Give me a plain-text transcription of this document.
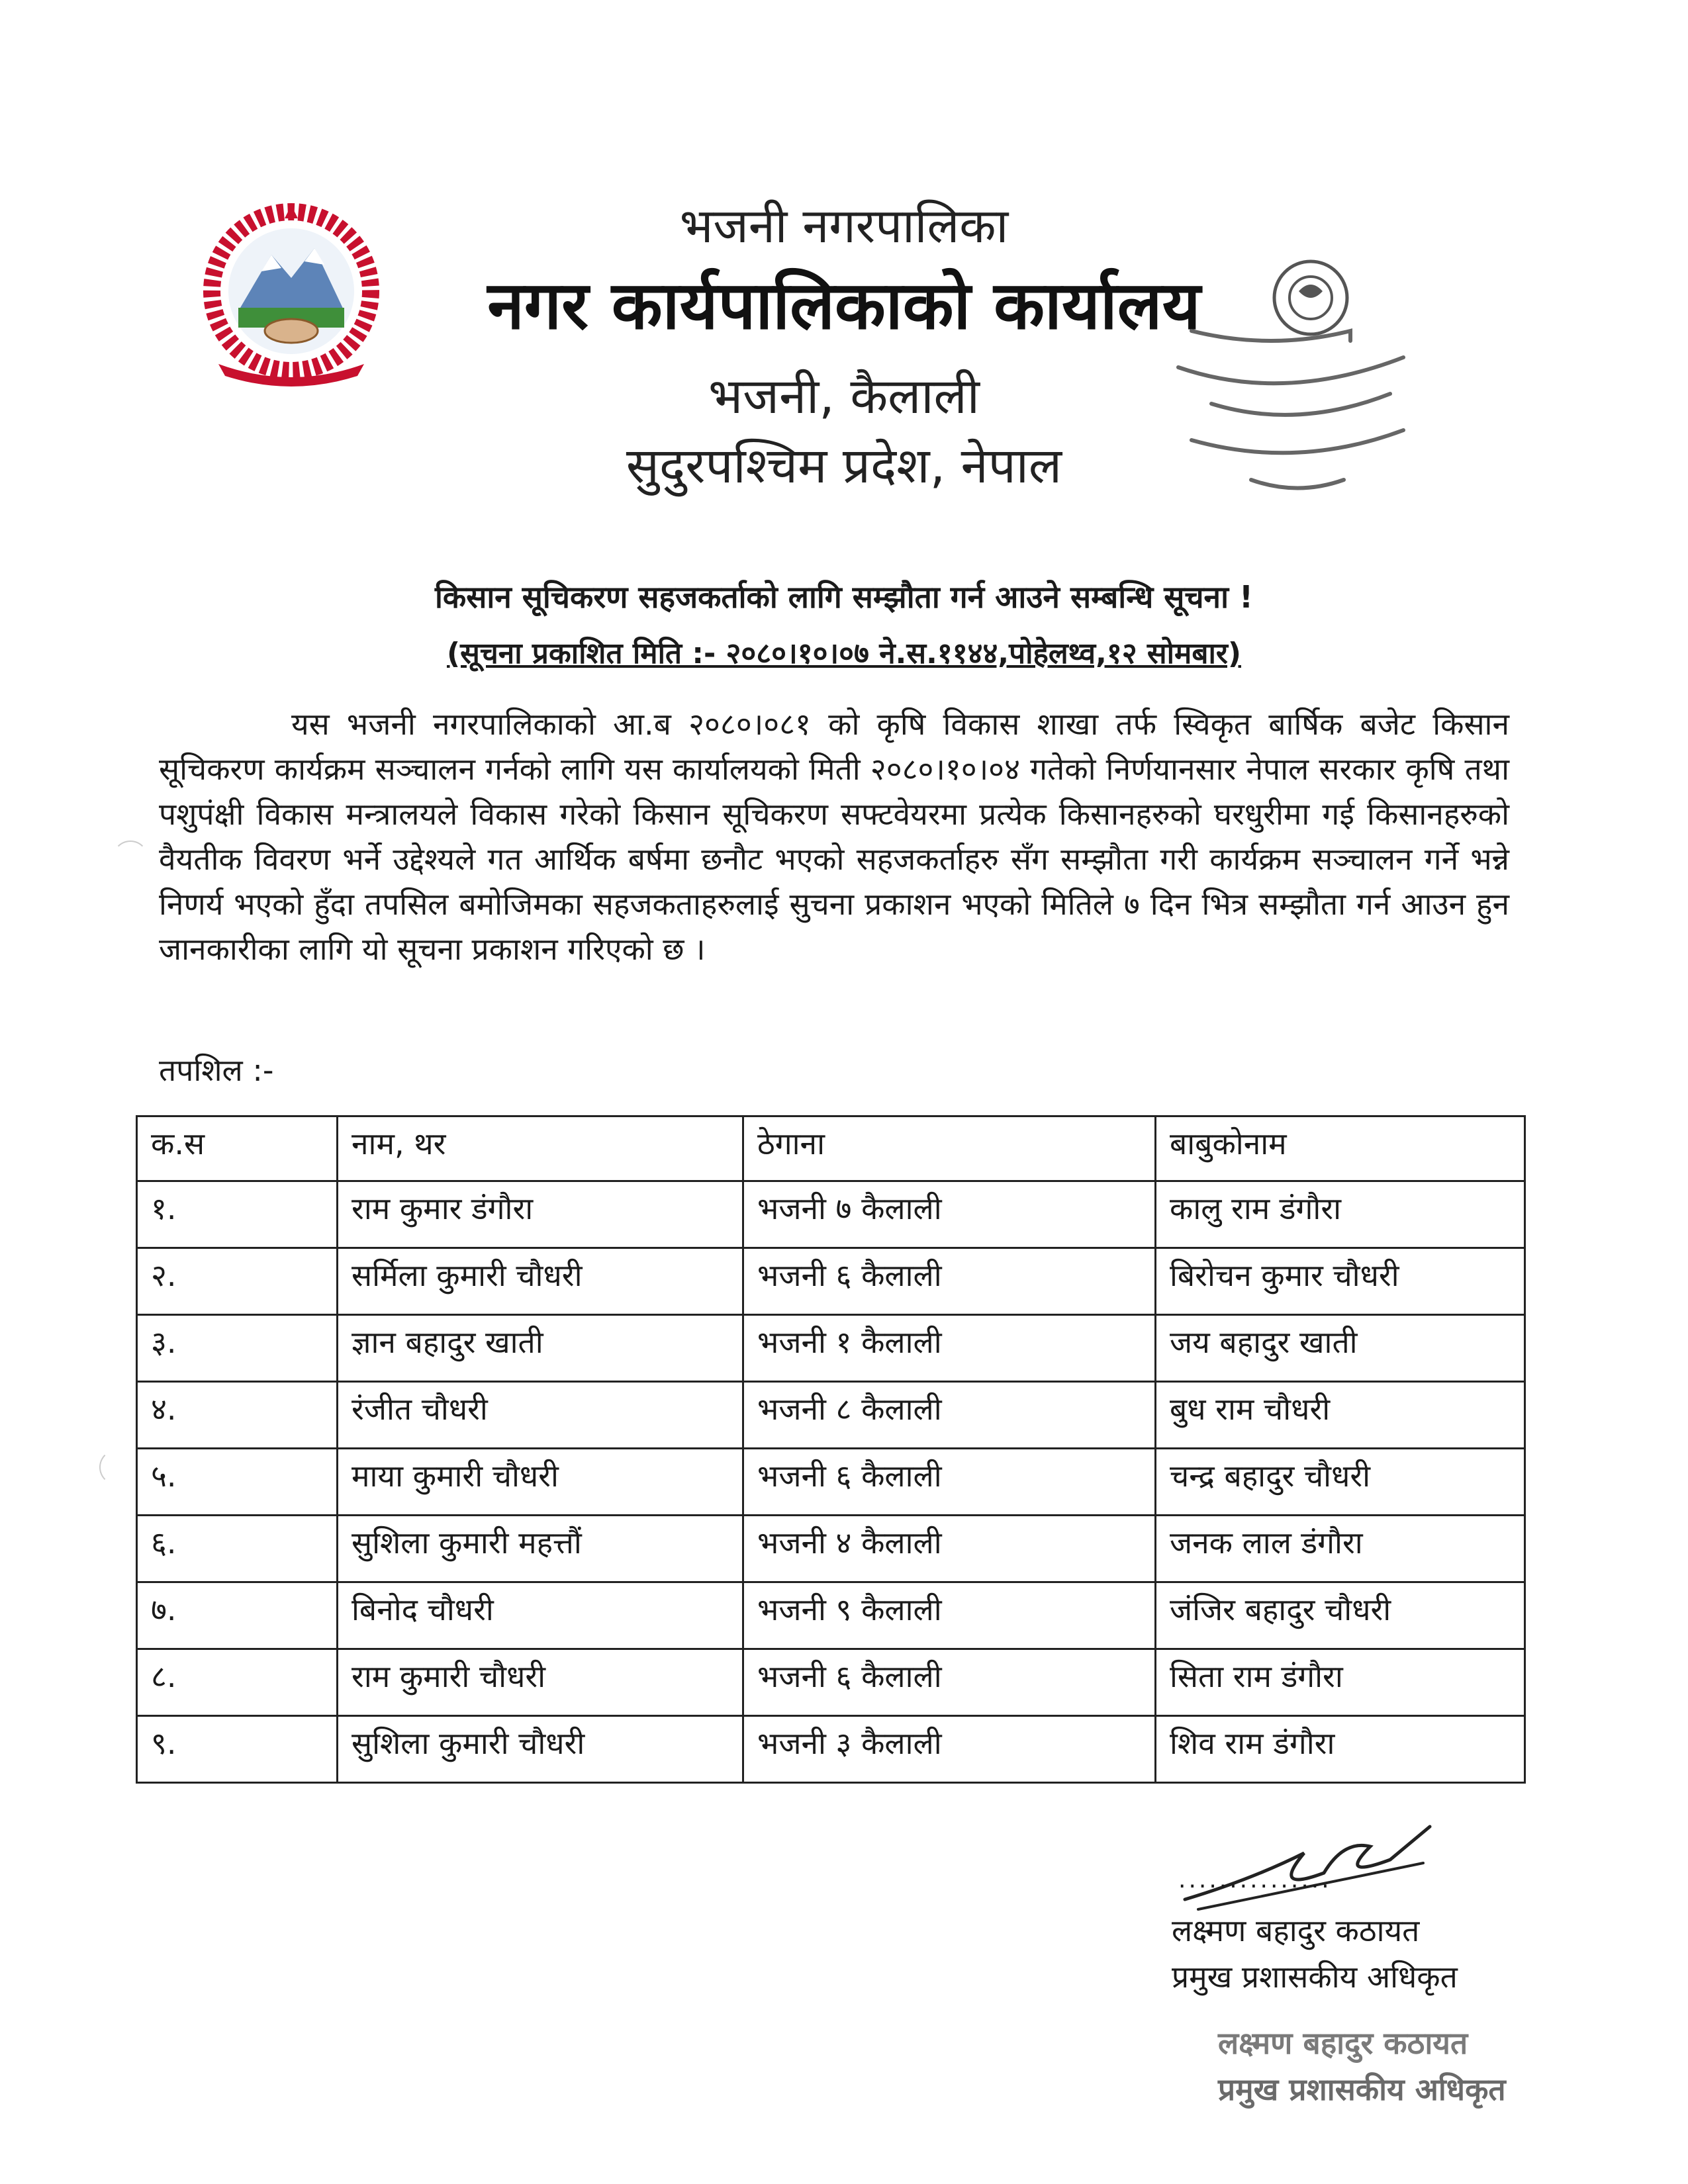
भजनी नगरपालिका
नगर कार्यपालिकाको कार्यालय
भजनी, कैलाली
सुदुरपश्चिम प्रदेश, नेपाल
किसान सूचिकरण सहजकर्ताको लागि सम्झौता गर्न आउने सम्बन्धि सूचना !
(सूचना प्रकाशित मिति :- २०८०।१०।०७ ने.स.११४४,पोहेलथ्व,१२ सोमबार)
यस भजनी नगरपालिकाको आ.ब २०८०।०८१ को कृषि विकास शाखा तर्फ स्विकृत बार्षिक बजेट किसान सूचिकरण कार्यक्रम सञ्चालन गर्नको लागि यस कार्यालयको मिती २०८०।१०।०४ गतेको निर्णयानसार नेपाल सरकार कृषि तथा पशुपंक्षी विकास मन्त्रालयले विकास गरेको किसान सूचिकरण सफ्टवेयरमा प्रत्येक किसानहरुको घरधुरीमा गई किसानहरुको वैयतीक विवरण भर्ने उद्देश्यले गत आर्थिक बर्षमा छनौट भएको सहजकर्ताहरु सँग सम्झौता गरी कार्यक्रम सञ्चालन गर्ने भन्ने निणर्य भएको हुँदा तपसिल बमोजिमका सहजकताहरुलाई सुचना प्रकाशन भएको मितिले ७ दिन भित्र सम्झौता गर्न आउन हुन जानकारीका लागि यो सूचना प्रकाशन गरिएको छ ।
तपशिल :-
क.स	नाम, थर	ठेगाना	बाबुकोनाम
१.	राम कुमार डंगौरा	भजनी ७ कैलाली	कालु राम डंगौरा
२.	सर्मिला कुमारी चौधरी	भजनी ६ कैलाली	बिरोचन कुमार चौधरी
३.	ज्ञान बहादुर खाती	भजनी १ कैलाली	जय बहादुर खाती
४.	रंजीत चौधरी	भजनी ८ कैलाली	बुध राम चौधरी
५.	माया कुमारी चौधरी	भजनी ६ कैलाली	चन्द्र बहादुर चौधरी
६.	सुशिला कुमारी महत्तौं	भजनी ४ कैलाली	जनक लाल डंगौरा
७.	बिनोद चौधरी	भजनी ९ कैलाली	जंजिर बहादुर चौधरी
८.	राम कुमारी चौधरी	भजनी ६ कैलाली	सिता राम डंगौरा
९.	सुशिला कुमारी चौधरी	भजनी ३ कैलाली	शिव राम डंगौरा
...............
लक्ष्मण बहादुर कठायत
प्रमुख प्रशासकीय अधिकृत
लक्ष्मण बहादुर कठायत
प्रमुख प्रशासकीय अधिकृत
